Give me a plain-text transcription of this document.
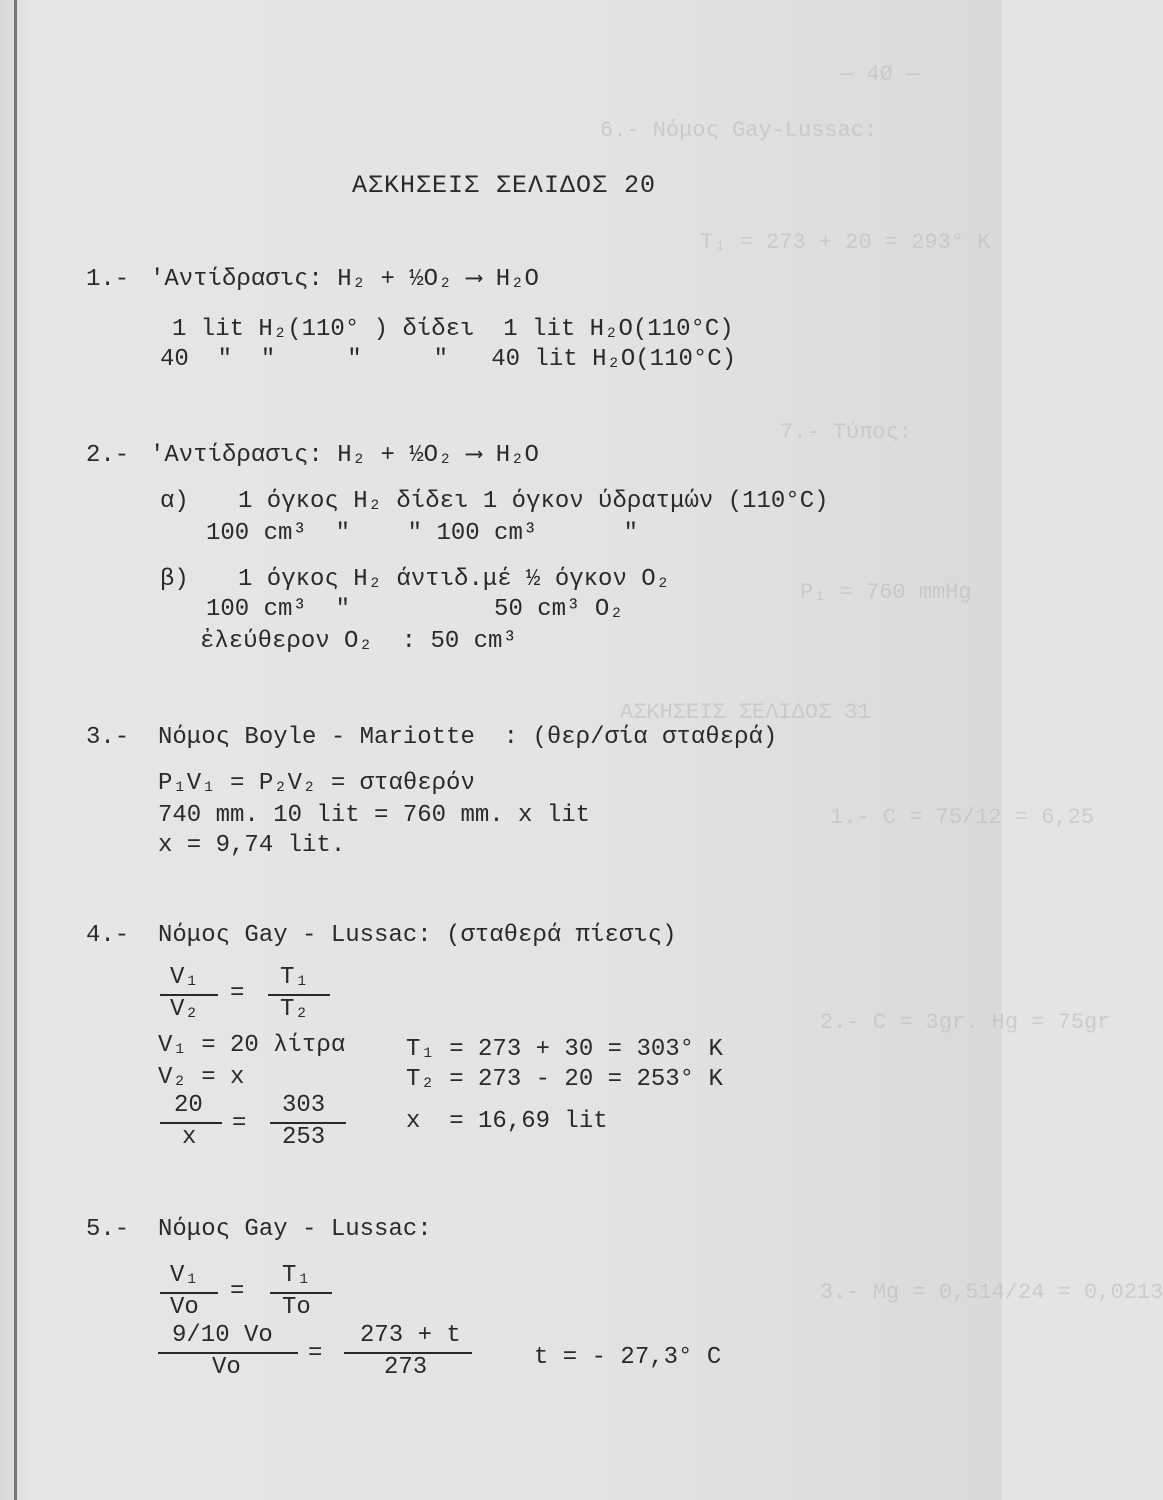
— 4Ø —
6.- Νόμος Gay-Lussac:
T₁ = 273 + 20 = 293° K
7.- Τύπος:
P₁ = 760 mmHg
ΑΣΚΗΣΕΙΣ ΣΕΛΙΔΟΣ 31
1.- C = 75/12 = 6,25
2.- C = 3gr. Hg = 75gr
3.- Mg = 0,514/24 = 0,0213
ΑΣΚΗΣΕΙΣ ΣΕΛΙΔΟΣ 20
1.- 'Αντίδρασις: H₂ + ½O₂ ⟶ H₂O
1 lit H₂(110° ) δίδει  1 lit H₂O(110°C)
40  "  "     "     "   40 lit H₂O(110°C)
2.- 'Αντίδρασις: H₂ + ½O₂ ⟶ H₂O
α) 1 όγκος H₂ δίδει 1 όγκον ύδρατμών (110°C)
100 cm³  "    " 100 cm³      "
β) 1 όγκος H₂ άντιδ.μέ ½ όγκον O₂
100 cm³  "          50 cm³ O₂
ἐλεύθερον O₂  : 50 cm³
3.- Νόμος Boyle - Mariotte  : (θερ/σία σταθερά)
P₁V₁ = P₂V₂ = σταθερόν
740 mm. 10 lit = 760 mm. x lit
x = 9,74 lit.
4.- Νόμος Gay - Lussac: (σταθερά πίεσις)
V₁
V₂
=
T₁
T₂
V₁ = 20 λίτρα
V₂ = x
T₁ = 273 + 30 = 303° K
T₂ = 273 - 20 = 253° K
20
x
=
303
253
x  = 16,69 lit
5.- Νόμος Gay - Lussac:
V₁
Vo
=
T₁
To
9/10 Vo
Vo
=
273 + t
273	t = - 27,3° C
